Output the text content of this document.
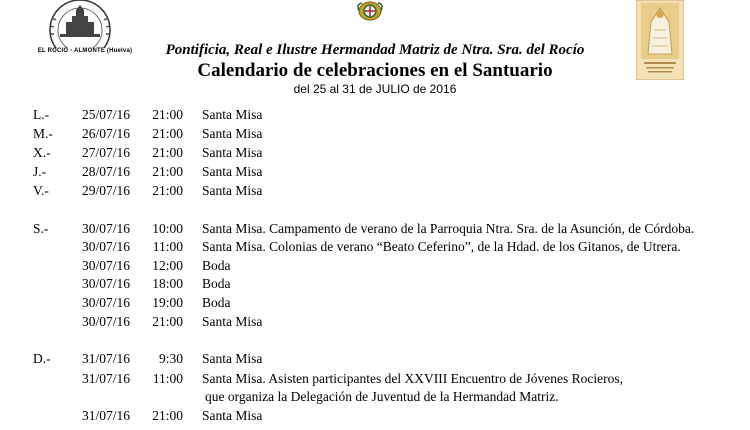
EL ROCIO - ALMONTE (Huelva)	Pontificia, Real e Ilustre Hermandad Matriz de Ntra. Sra. del Rocío
Calendario de celebraciones en el Santuario
del 25 al 31 de JULIO de 2016
L.- 25/07/16 21:00 Santa Misa
M.- 26/07/16 21:00 Santa Misa
X.- 27/07/16 21:00 Santa Misa
J.-	28/07/16 21:00 Santa Misa
V.- 29/07/16 21:00 Santa Misa
S.- 30/07/16 10:00 Santa Misa. Campamento de verano de la Parroquia Ntra. Sra. de la Asunción, de Córdoba.
30/07/16 11:00 Santa Misa. Colonias de verano “Beato Ceferino”, de la Hdad. de los Gitanos, de Utrera.
30/07/16 12:00 Boda
30/07/16 18:00 Boda
30/07/16 19:00 Boda
30/07/16 21:00 Santa Misa
D.- 31/07/16 9:30 Santa Misa
31/07/16 11:00 Santa Misa. Asisten participantes del XXVIII Encuentro de Jóvenes Rocieros,
que organiza la Delegación de Juventud de la Hermandad Matriz.
31/07/16 21:00 Santa Misa
